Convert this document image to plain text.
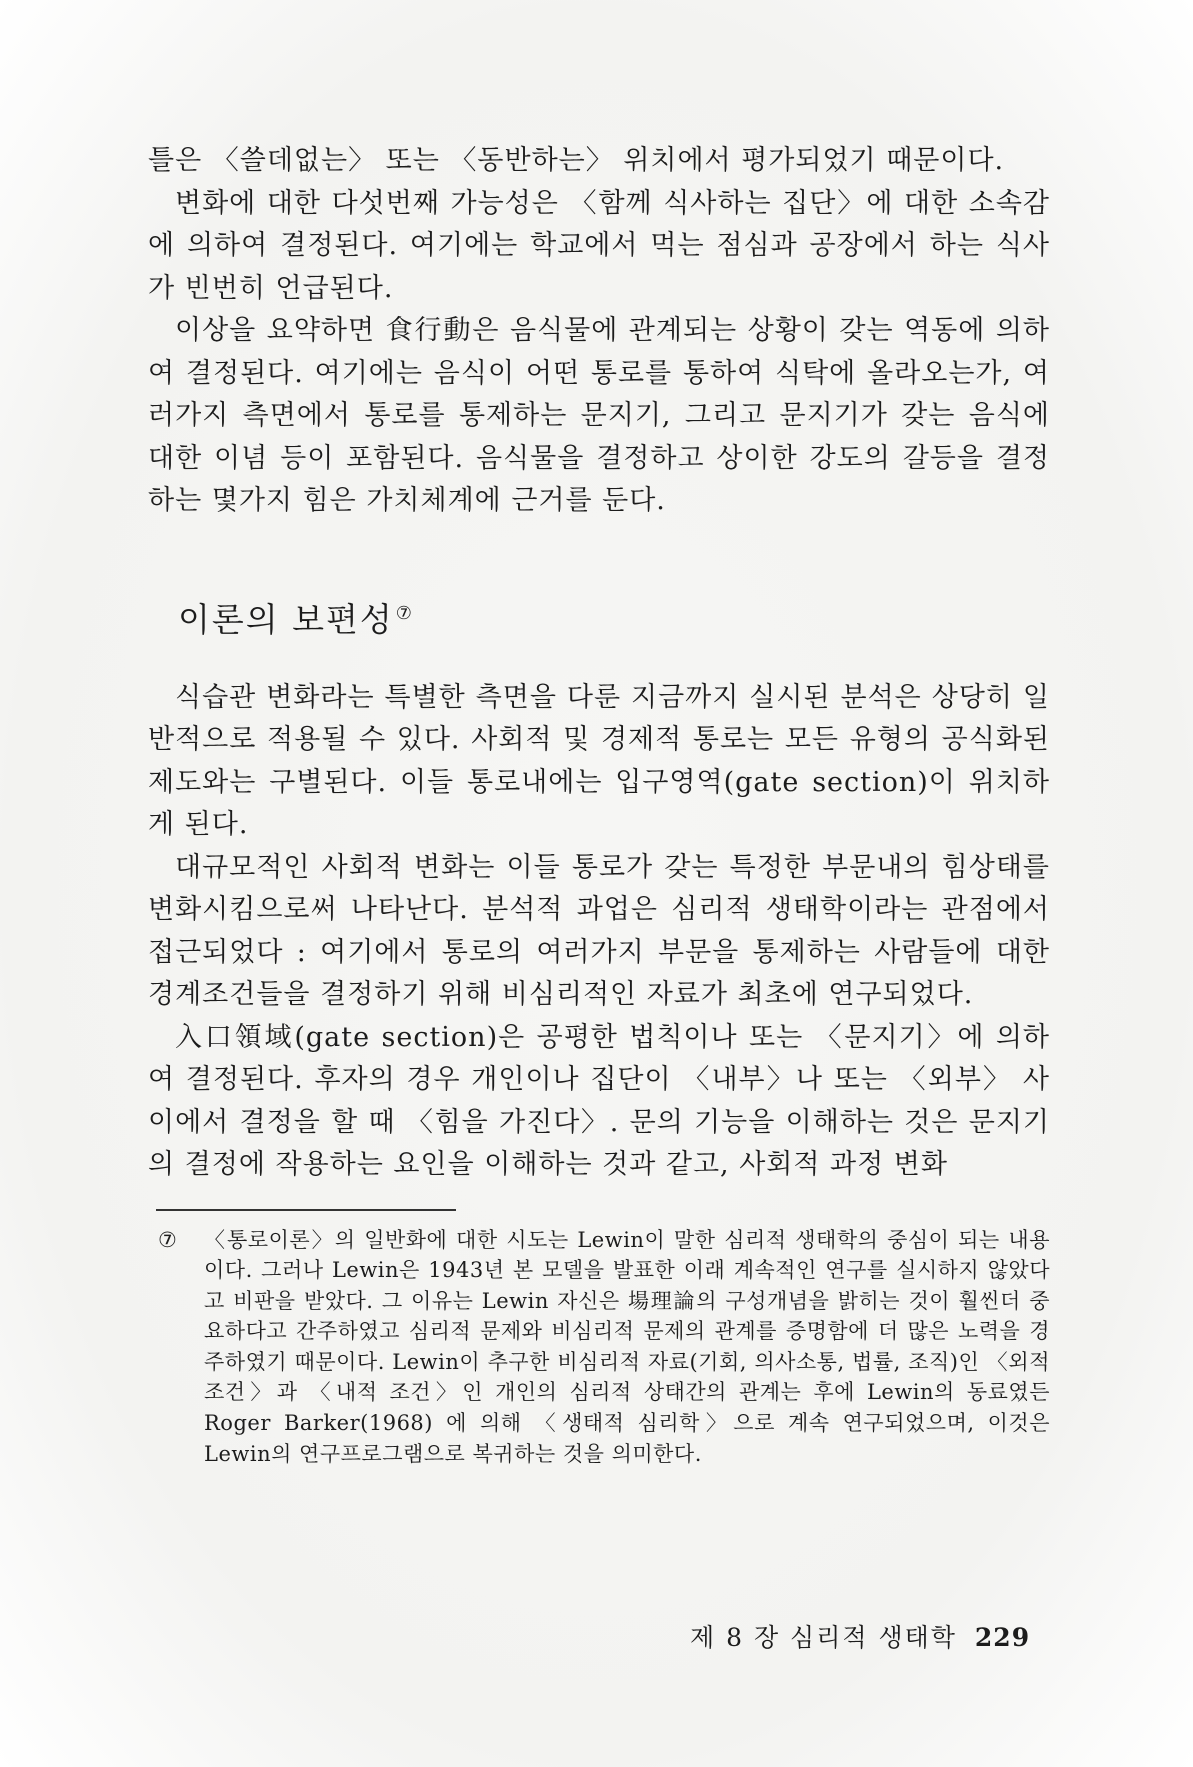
틀은 〈쓸데없는〉 또는 〈동반하는〉 위치에서 평가되었기 때문이다.

변화에 대한 다섯번째 가능성은 〈함께 식사하는 집단〉에 대한 소속감에 의하여 결정된다. 여기에는 학교에서 먹는 점심과 공장에서 하는 식사가 빈번히 언급된다.

이상을 요약하면 食行動은 음식물에 관계되는 상황이 갖는 역동에 의하여 결정된다. 여기에는 음식이 어떤 통로를 통하여 식탁에 올라오는가, 여러가지 측면에서 통로를 통제하는 문지기, 그리고 문지기가 갖는 음식에 대한 이념 등이 포함된다. 음식물을 결정하고 상이한 강도의 갈등을 결정하는 몇가지 힘은 가치체계에 근거를 둔다.

이론의 보편성 ⑦

식습관 변화라는 특별한 측면을 다룬 지금까지 실시된 분석은 상당히 일반적으로 적용될 수 있다. 사회적 및 경제적 통로는 모든 유형의 공식화된 제도와는 구별된다. 이들 통로내에는 입구영역(gate section)이 위치하게 된다.

대규모적인 사회적 변화는 이들 통로가 갖는 특정한 부문내의 힘상태를 변화시킴으로써 나타난다. 분석적 과업은 심리적 생태학이라는 관점에서 접근되었다 : 여기에서 통로의 여러가지 부문을 통제하는 사람들에 대한 경계조건들을 결정하기 위해 비심리적인 자료가 최초에 연구되었다.

入口領域(gate section)은 공평한 법칙이나 또는 〈문지기〉에 의하여 결정된다. 후자의 경우 개인이나 집단이 〈내부〉나 또는 〈외부〉 사이에서 결정을 할 때 〈힘을 가진다〉. 문의 기능을 이해하는 것은 문지기의 결정에 작용하는 요인을 이해하는 것과 같고, 사회적 과정 변화

⑦ 〈통로이론〉의 일반화에 대한 시도는 Lewin이 말한 심리적 생태학의 중심이 되는 내용이다. 그러나 Lewin은 1943년 본 모델을 발표한 이래 계속적인 연구를 실시하지 않았다고 비판을 받았다. 그 이유는 Lewin 자신은 場理論의 구성개념을 밝히는 것이 훨씬더 중요하다고 간주하였고 심리적 문제와 비심리적 문제의 관계를 증명함에 더 많은 노력을 경주하였기 때문이다. Lewin이 추구한 비심리적 자료(기회, 의사소통, 법률, 조직)인 〈외적 조건〉과 〈내적 조건〉인 개인의 심리적 상태간의 관계는 후에 Lewin의 동료였든 Roger Barker(1968) 에 의해 〈생태적 심리학〉으로 계속 연구되었으며, 이것은 Lewin의 연구프로그램으로 복귀하는 것을 의미한다.

제 8 장 심리적 생태학 229
